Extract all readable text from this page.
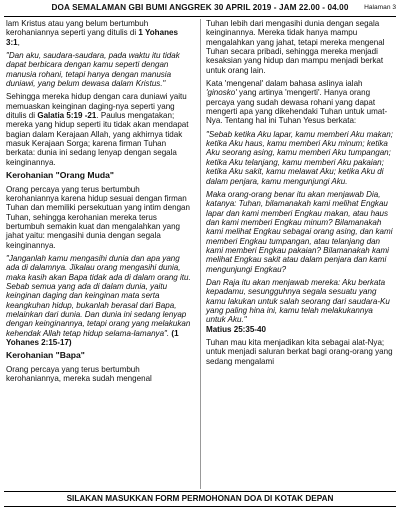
DOA SEMALAMAN GBI BUMI ANGGREK 30 APRIL 2019 - JAM 22.00 - 04.00	Halaman 3

lam Kristus atau yang belum bertumbuh kerohaniannya seperti yang ditulis di 1 Yohanes 3:1,

"Dan aku, saudara-saudara, pada waktu itu tidak dapat berbicara dengan kamu seperti dengan manusia rohani, tetapi hanya dengan manusia duniawi, yang belum dewasa dalam Kristus."

Sehingga mereka hidup dengan cara duniawi yaitu memuaskan keinginan daging-nya seperti yang ditulis di Galatia 5:19 -21. Paulus mengatakan; mereka yang hidup seperti itu tidak akan mendapat bagian dalam Kerajaan Allah, yang akhirnya tidak masuk Kerajaan Sorga; karena firman Tuhan berkata: dunia ini sedang lenyap dengan segala keinginannya.

Kerohanian "Orang Muda"

Orang percaya yang terus bertumbuh kerohaniannya karena hidup sesuai dengan firman Tuhan dan memiliki persekutuan yang intim dengan Tuhan, sehingga kerohanian mereka terus bertumbuh semakin kuat dan mengalahkan yang jahat yaitu: mengasihi dunia dengan segala keinginannya.

"Janganlah kamu mengasihi dunia dan apa yang ada di dalamnya. Jikalau orang mengasihi dunia, maka kasih akan Bapa tidak ada di dalam orang itu. Sebab semua yang ada di dalam dunia, yaitu keinginan daging dan keinginan mata serta keangkuhan hidup, bukanlah berasal dari Bapa, melainkan dari dunia. Dan dunia ini sedang lenyap dengan keinginannya, tetapi orang yang melakukan kehendak Allah tetap hidup selama-lamanya". (1 Yohanes 2:15-17)

Kerohanian "Bapa"

Orang percaya yang terus bertumbuh kerohaniannya, mereka sudah mengenal

Tuhan lebih dari mengasihi dunia dengan segala keinginannya. Mereka tidak hanya mampu mengalahkan yang jahat, tetapi mereka mengenal Tuhan secara pribadi, sehingga mereka menjadi kesaksian yang hidup dan mampu menjadi berkat untuk orang lain.

Kata 'mengenal' dalam bahasa aslinya ialah 'ginosko' yang artinya 'mengerti'. Hanya orang percaya yang sudah dewasa rohani yang dapat mengerti apa yang dikehendaki Tuhan untuk umat-Nya. Tentang hal ini Tuhan Yesus berkata:

"Sebab ketika Aku lapar, kamu memberi Aku makan; ketika Aku haus, kamu memberi Aku minum; ketika Aku seorang asing, kamu memberi Aku tumpangan; ketika Aku telanjang, kamu memberi Aku pakaian; ketika Aku sakit, kamu melawat Aku; ketika Aku di dalam penjara, kamu mengunjungi Aku.

Maka orang-orang benar itu akan menjawab Dia, katanya: Tuhan, bilamanakah kami melihat Engkau lapar dan kami memberi Engkau makan, atau haus dan kami memberi Engkau minum? Bilamanakah kami melihat Engkau sebagai orang asing, dan kami memberi Engkau tumpangan, atau telanjang dan kami memberi Engkau pakaian? Bilamanakah kami melihat Engkau sakit atau dalam penjara dan kami mengunjungi Engkau?

Dan Raja itu akan menjawab mereka: Aku berkata kepadamu, sesungguhnya segala sesuatu yang kamu lakukan untuk salah seorang dari saudara-Ku yang paling hina ini, kamu telah melakukannya untuk Aku."

Matius 25:35-40

Tuhan mau kita menjadikan kita sebagai alat-Nya; untuk menjadi saluran berkat bagi orang-orang yang sedang mengalami

SILAKAN MASUKKAN FORM PERMOHONAN DOA DI KOTAK DEPAN
